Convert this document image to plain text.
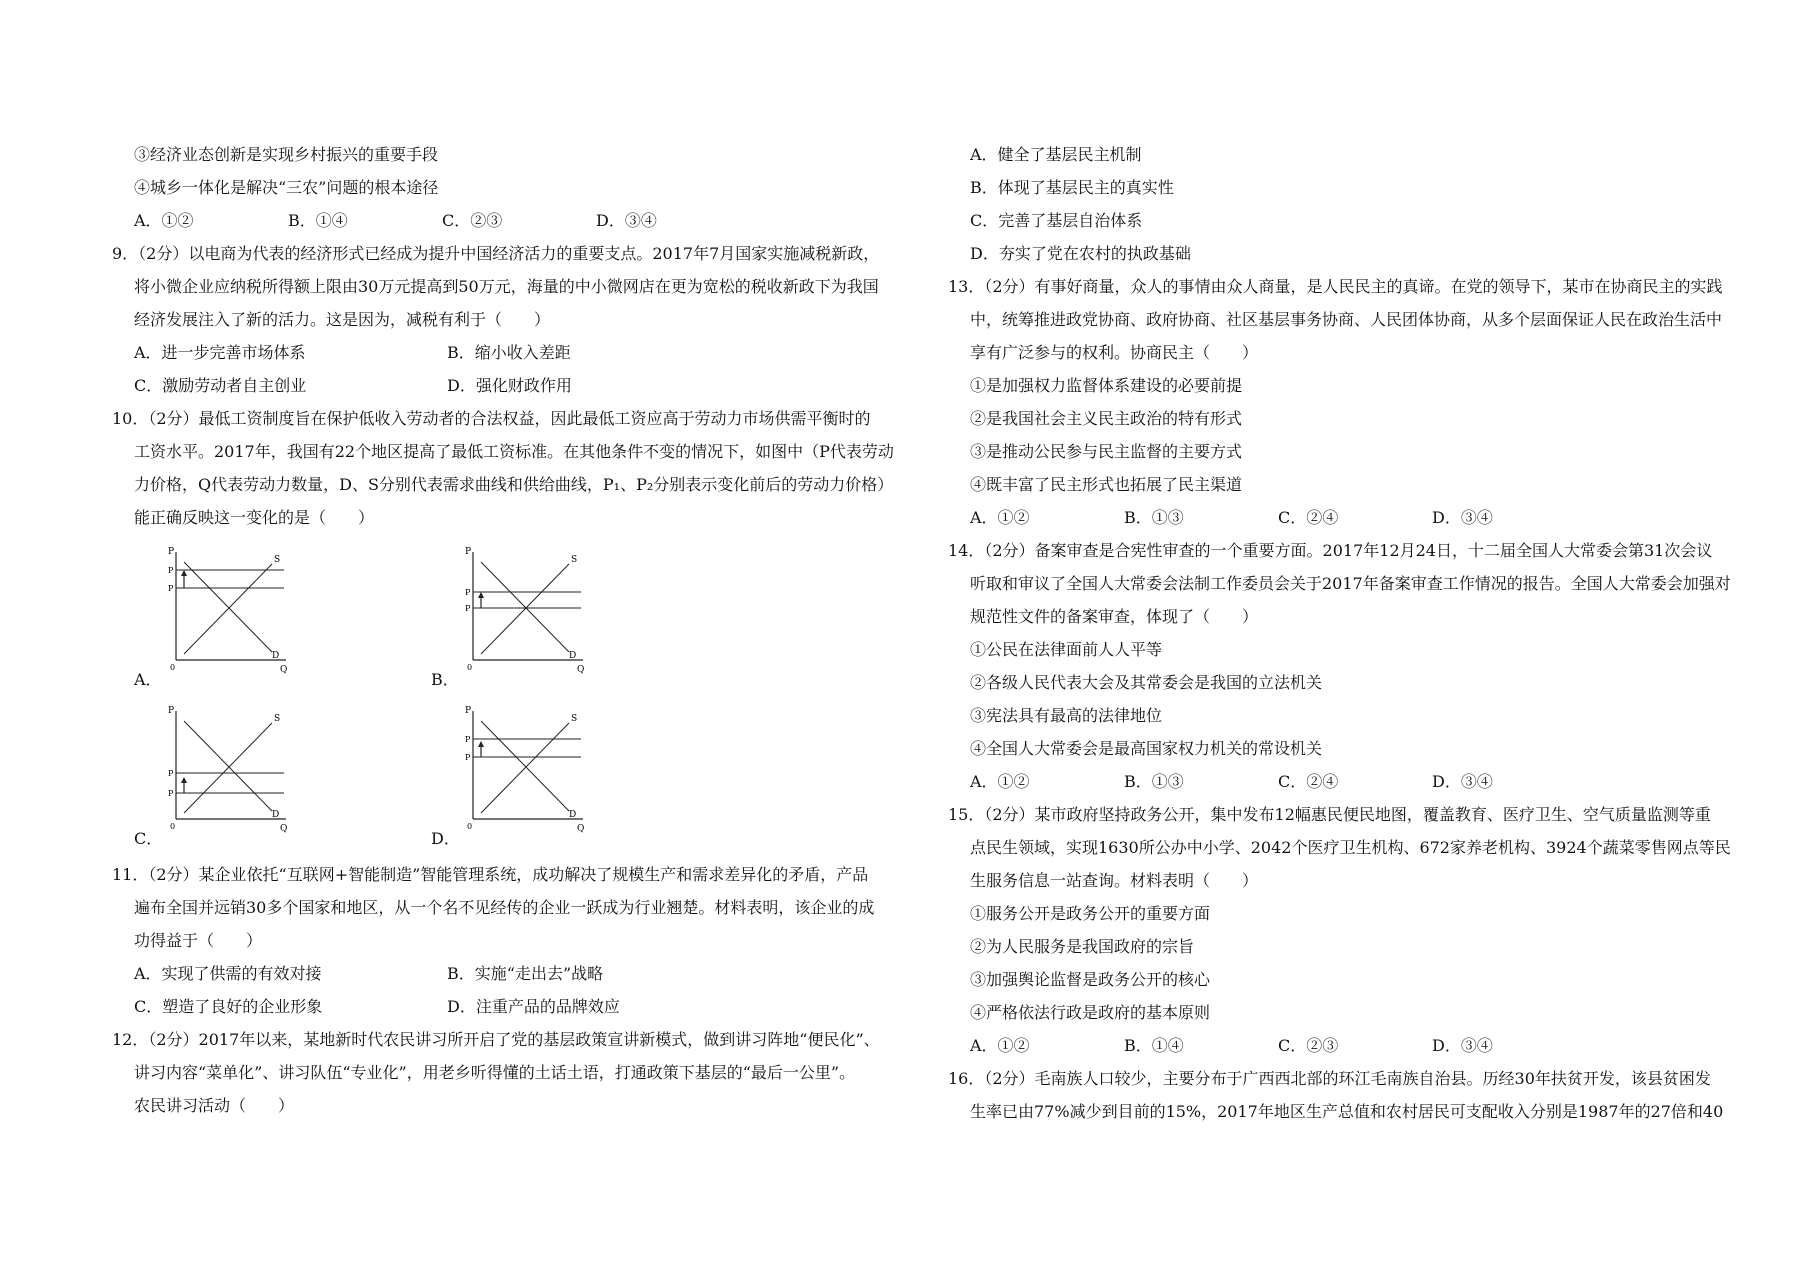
③经济业态创新是实现乡村振兴的重要手段
④城乡一体化是解决“三农”问题的根本途径
A．①②	B．①④	C．②③	D．③④
9．（2分）以电商为代表的经济形式已经成为提升中国经济活力的重要支点。2017年7月国家实施减税新政，
将小微企业应纳税所得额上限由30万元提高到50万元，海量的中小微网店在更为宽松的税收新政下为我国
经济发展注入了新的活力。这是因为，减税有利于（　　）
A．进一步完善市场体系	B．缩小收入差距
C．激励劳动者自主创业	D．强化财政作用
10．（2分）最低工资制度旨在保护低收入劳动者的合法权益，因此最低工资应高于劳动力市场供需平衡时的
工资水平。2017年，我国有22个地区提高了最低工资标准。在其他条件不变的情况下，如图中（P代表劳动
力价格，Q代表劳动力数量，D、S分别代表需求曲线和供给曲线，P₁、P₂分别表示变化前后的劳动力价格）
能正确反映这一变化的是（　　）
A．
P
P
P
S
D
0	Q	B．
P
P
P
S
D
0	Q
C．
P
P
P
S
D
0	Q	D．
P
P
P
S
D
0	Q
11．（2分）某企业依托“互联网+智能制造”智能管理系统，成功解决了规模生产和需求差异化的矛盾，产品
遍布全国并远销30多个国家和地区，从一个名不见经传的企业一跃成为行业翘楚。材料表明，该企业的成
功得益于（　　）
A．实现了供需的有效对接	B．实施“走出去”战略
C．塑造了良好的企业形象	D．注重产品的品牌效应
12．（2分）2017年以来，某地新时代农民讲习所开启了党的基层政策宣讲新模式，做到讲习阵地“便民化”、
讲习内容“菜单化”、讲习队伍“专业化”，用老乡听得懂的土话土语，打通政策下基层的“最后一公里”。
农民讲习活动（　　）
A．健全了基层民主机制
B．体现了基层民主的真实性
C．完善了基层自治体系
D．夯实了党在农村的执政基础
13．（2分）有事好商量，众人的事情由众人商量，是人民民主的真谛。在党的领导下，某市在协商民主的实践
中，统筹推进政党协商、政府协商、社区基层事务协商、人民团体协商，从多个层面保证人民在政治生活中
享有广泛参与的权利。协商民主（　　）
①是加强权力监督体系建设的必要前提
②是我国社会主义民主政治的特有形式
③是推动公民参与民主监督的主要方式
④既丰富了民主形式也拓展了民主渠道
A．①②	B．①③	C．②④	D．③④
14．（2分）备案审查是合宪性审查的一个重要方面。2017年12月24日，十二届全国人大常委会第31次会议
听取和审议了全国人大常委会法制工作委员会关于2017年备案审查工作情况的报告。全国人大常委会加强对
规范性文件的备案审查，体现了（　　）
①公民在法律面前人人平等
②各级人民代表大会及其常委会是我国的立法机关
③宪法具有最高的法律地位
④全国人大常委会是最高国家权力机关的常设机关
A．①②	B．①③	C．②④	D．③④
15．（2分）某市政府坚持政务公开，集中发布12幅惠民便民地图，覆盖教育、医疗卫生、空气质量监测等重
点民生领域，实现1630所公办中小学、2042个医疗卫生机构、672家养老机构、3924个蔬菜零售网点等民
生服务信息一站查询。材料表明（　　）
①服务公开是政务公开的重要方面
②为人民服务是我国政府的宗旨
③加强舆论监督是政务公开的核心
④严格依法行政是政府的基本原则
A．①②	B．①④	C．②③	D．③④
16．（2分）毛南族人口较少，主要分布于广西西北部的环江毛南族自治县。历经30年扶贫开发，该县贫困发
生率已由77%减少到目前的15%，2017年地区生产总值和农村居民可支配收入分别是1987年的27倍和40
